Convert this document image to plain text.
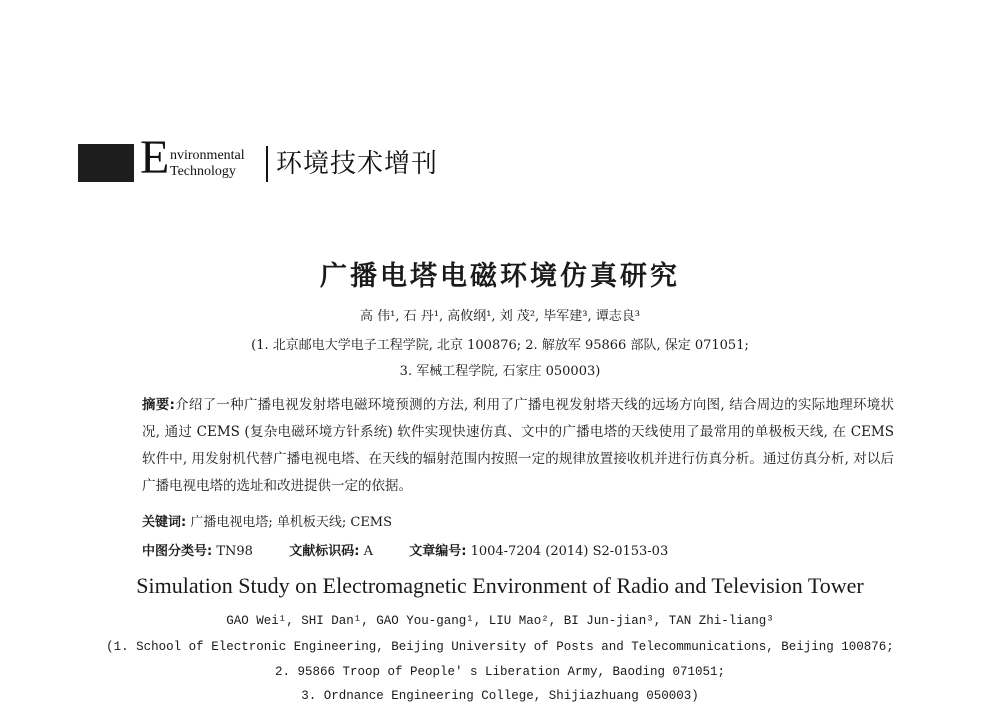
E nvironmental
Technology	环境技术增刊
广播电塔电磁环境仿真研究
高 伟¹, 石 丹¹, 高攸纲¹, 刘 茂², 毕军建³, 谭志良³
(1. 北京邮电大学电子工程学院, 北京 100876; 2. 解放军 95866 部队, 保定 071051;
3. 军械工程学院, 石家庄 050003)
摘要:介绍了一种广播电视发射塔电磁环境预测的方法, 利用了广播电视发射塔天线的远场方向图, 结合周边的实际地理环境状况, 通过 CEMS (复杂电磁环境方针系统) 软件实现快速仿真、文中的广播电塔的天线使用了最常用的单极板天线, 在 CEMS 软件中, 用发射机代替广播电视电塔、在天线的辐射范围内按照一定的规律放置接收机并进行仿真分析。通过仿真分析, 对以后广播电视电塔的选址和改进提供一定的依据。
关键词: 广播电视电塔; 单机板天线; CEMS
中图分类号: TN98	文献标识码: A	文章编号: 1004-7204 (2014) S2-0153-03
Simulation Study on Electromagnetic Environment of Radio and Television Tower
GAO Wei¹, SHI Dan¹, GAO You-gang¹, LIU Mao², BI Jun-jian³, TAN Zhi-liang³
(1. School of Electronic Engineering, Beijing University of Posts and Telecommunications, Beijing 100876;
2. 95866 Troop of People' s Liberation Army, Baoding 071051;
3. Ordnance Engineering College, Shijiazhuang 050003)
